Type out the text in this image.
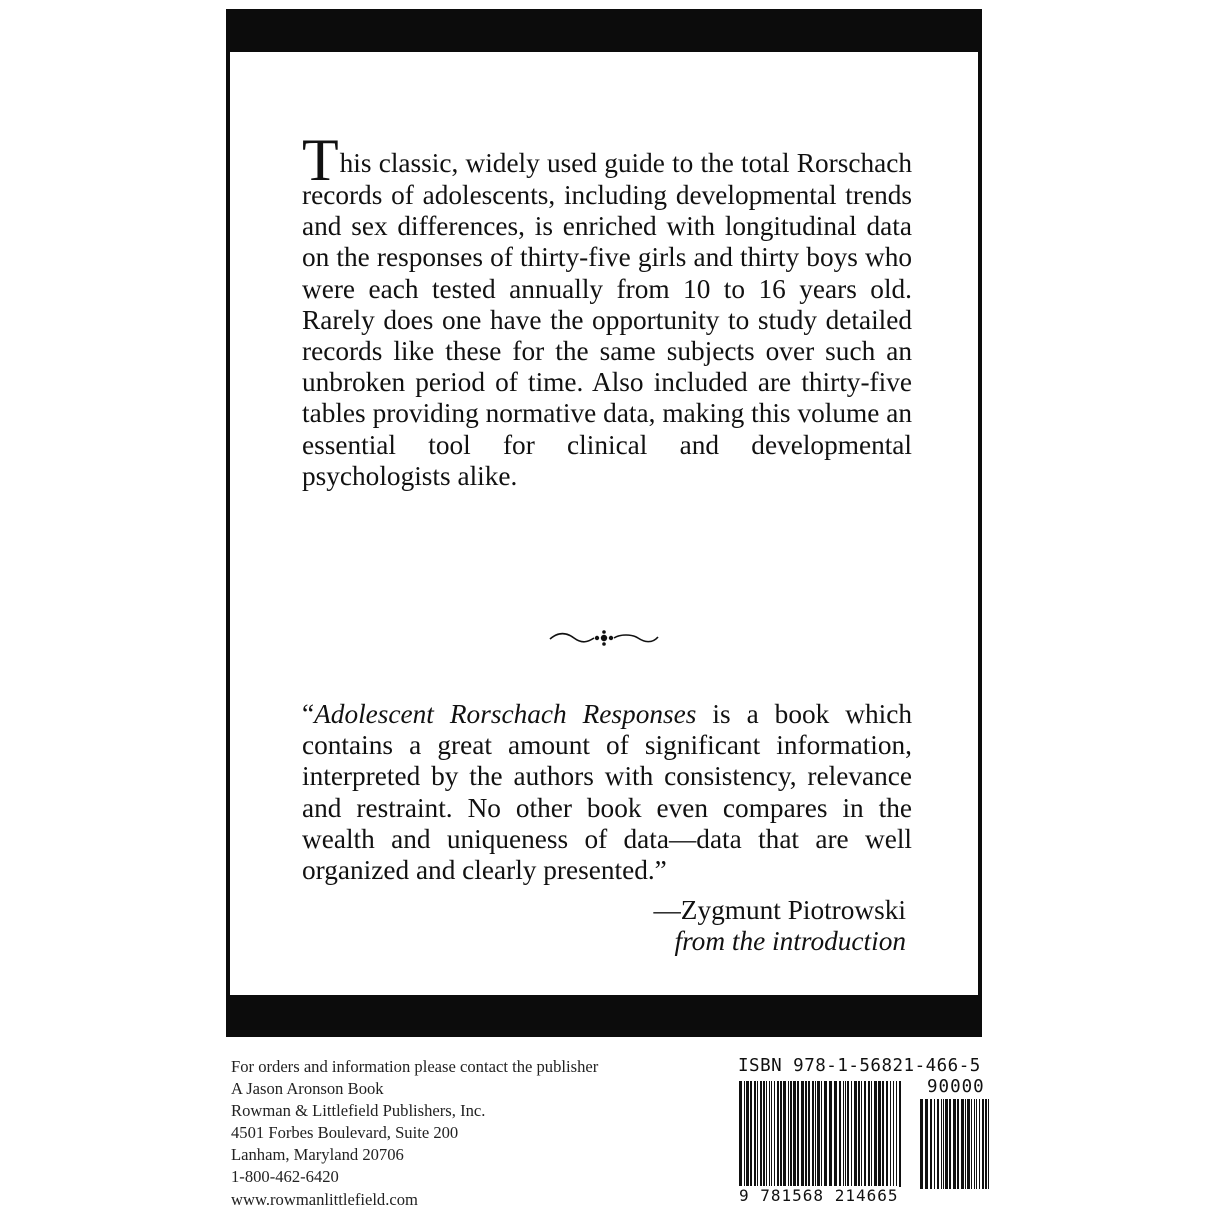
This classic, widely used guide to the total Rorschach records of adolescents, including developmental trends and sex differences, is enriched with longitudinal data on the responses of thirty-five girls and thirty boys who were each tested annually from 10 to 16 years old. Rarely does one have the opportunity to study detailed records like these for the same subjects over such an unbroken period of time. Also included are thirty-five tables providing normative data, making this volume an essential tool for clinical and developmental psychologists alike.

“Adolescent Rorschach Responses is a book which contains a great amount of significant information, interpreted by the authors with consistency, relevance and restraint. No other book even compares in the wealth and uniqueness of data—data that are well organized and clearly presented.”

—Zygmunt Piotrowski
from the introduction
For orders and information please contact the publisher
A Jason Aronson Book
Rowman & Littlefield Publishers, Inc.
4501 Forbes Boulevard, Suite 200
Lanham, Maryland 20706
1-800-462-6420
www.rowmanlittlefield.com
ISBN 978-1-56821-466-5
90000
9 781568 214665
